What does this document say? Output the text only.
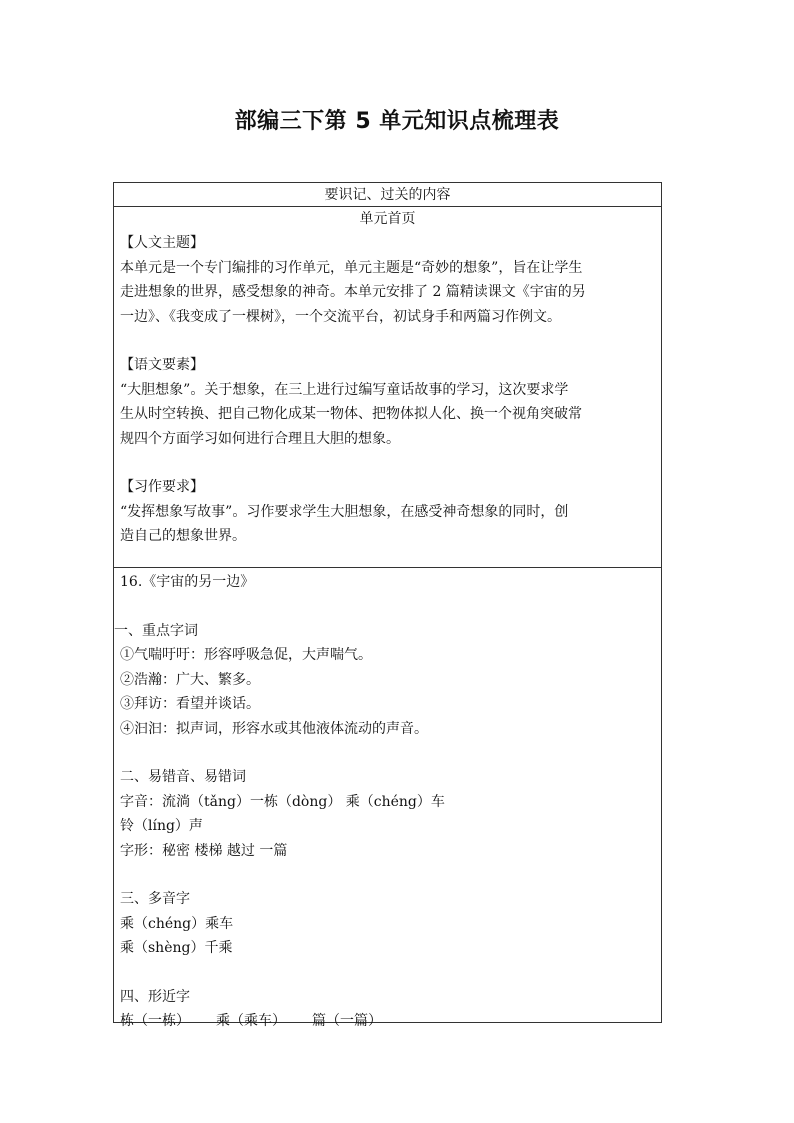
部编三下第 5 单元知识点梳理表
要识记、过关的内容
单元首页

【人文主题】

本单元是一个专门编排的习作单元，单元主题是“奇妙的想象”，旨在让学生

走进想象的世界，感受想象的神奇。本单元安排了 2 篇精读课文《宇宙的另

一边》、《我变成了一棵树》，一个交流平台，初试身手和两篇习作例文。

【语文要素】

“大胆想象”。关于想象，在三上进行过编写童话故事的学习，这次要求学

生从时空转换、把自己物化成某一物体、把物体拟人化、换一个视角突破常

规四个方面学习如何进行合理且大胆的想象。

【习作要求】

“发挥想象写故事”。习作要求学生大胆想象，在感受神奇想象的同时，创

造自己的想象世界。

16.《宇宙的另一边》

一、重点字词

①气喘吁吁：形容呼吸急促，大声喘气。

②浩瀚：广大、繁多。

③拜访：看望并谈话。

④汩汩：拟声词，形容水或其他液体流动的声音。

二、易错音、易错词

字音：流淌（tǎng）一栋（dòng） 乘（chéng）车

铃（líng）声

字形：秘密 楼梯 越过 一篇

三、多音字

乘（chéng）乘车

乘（shèng）千乘

四、形近字

栋（一栋） 乘（乘车） 篇（一篇）
